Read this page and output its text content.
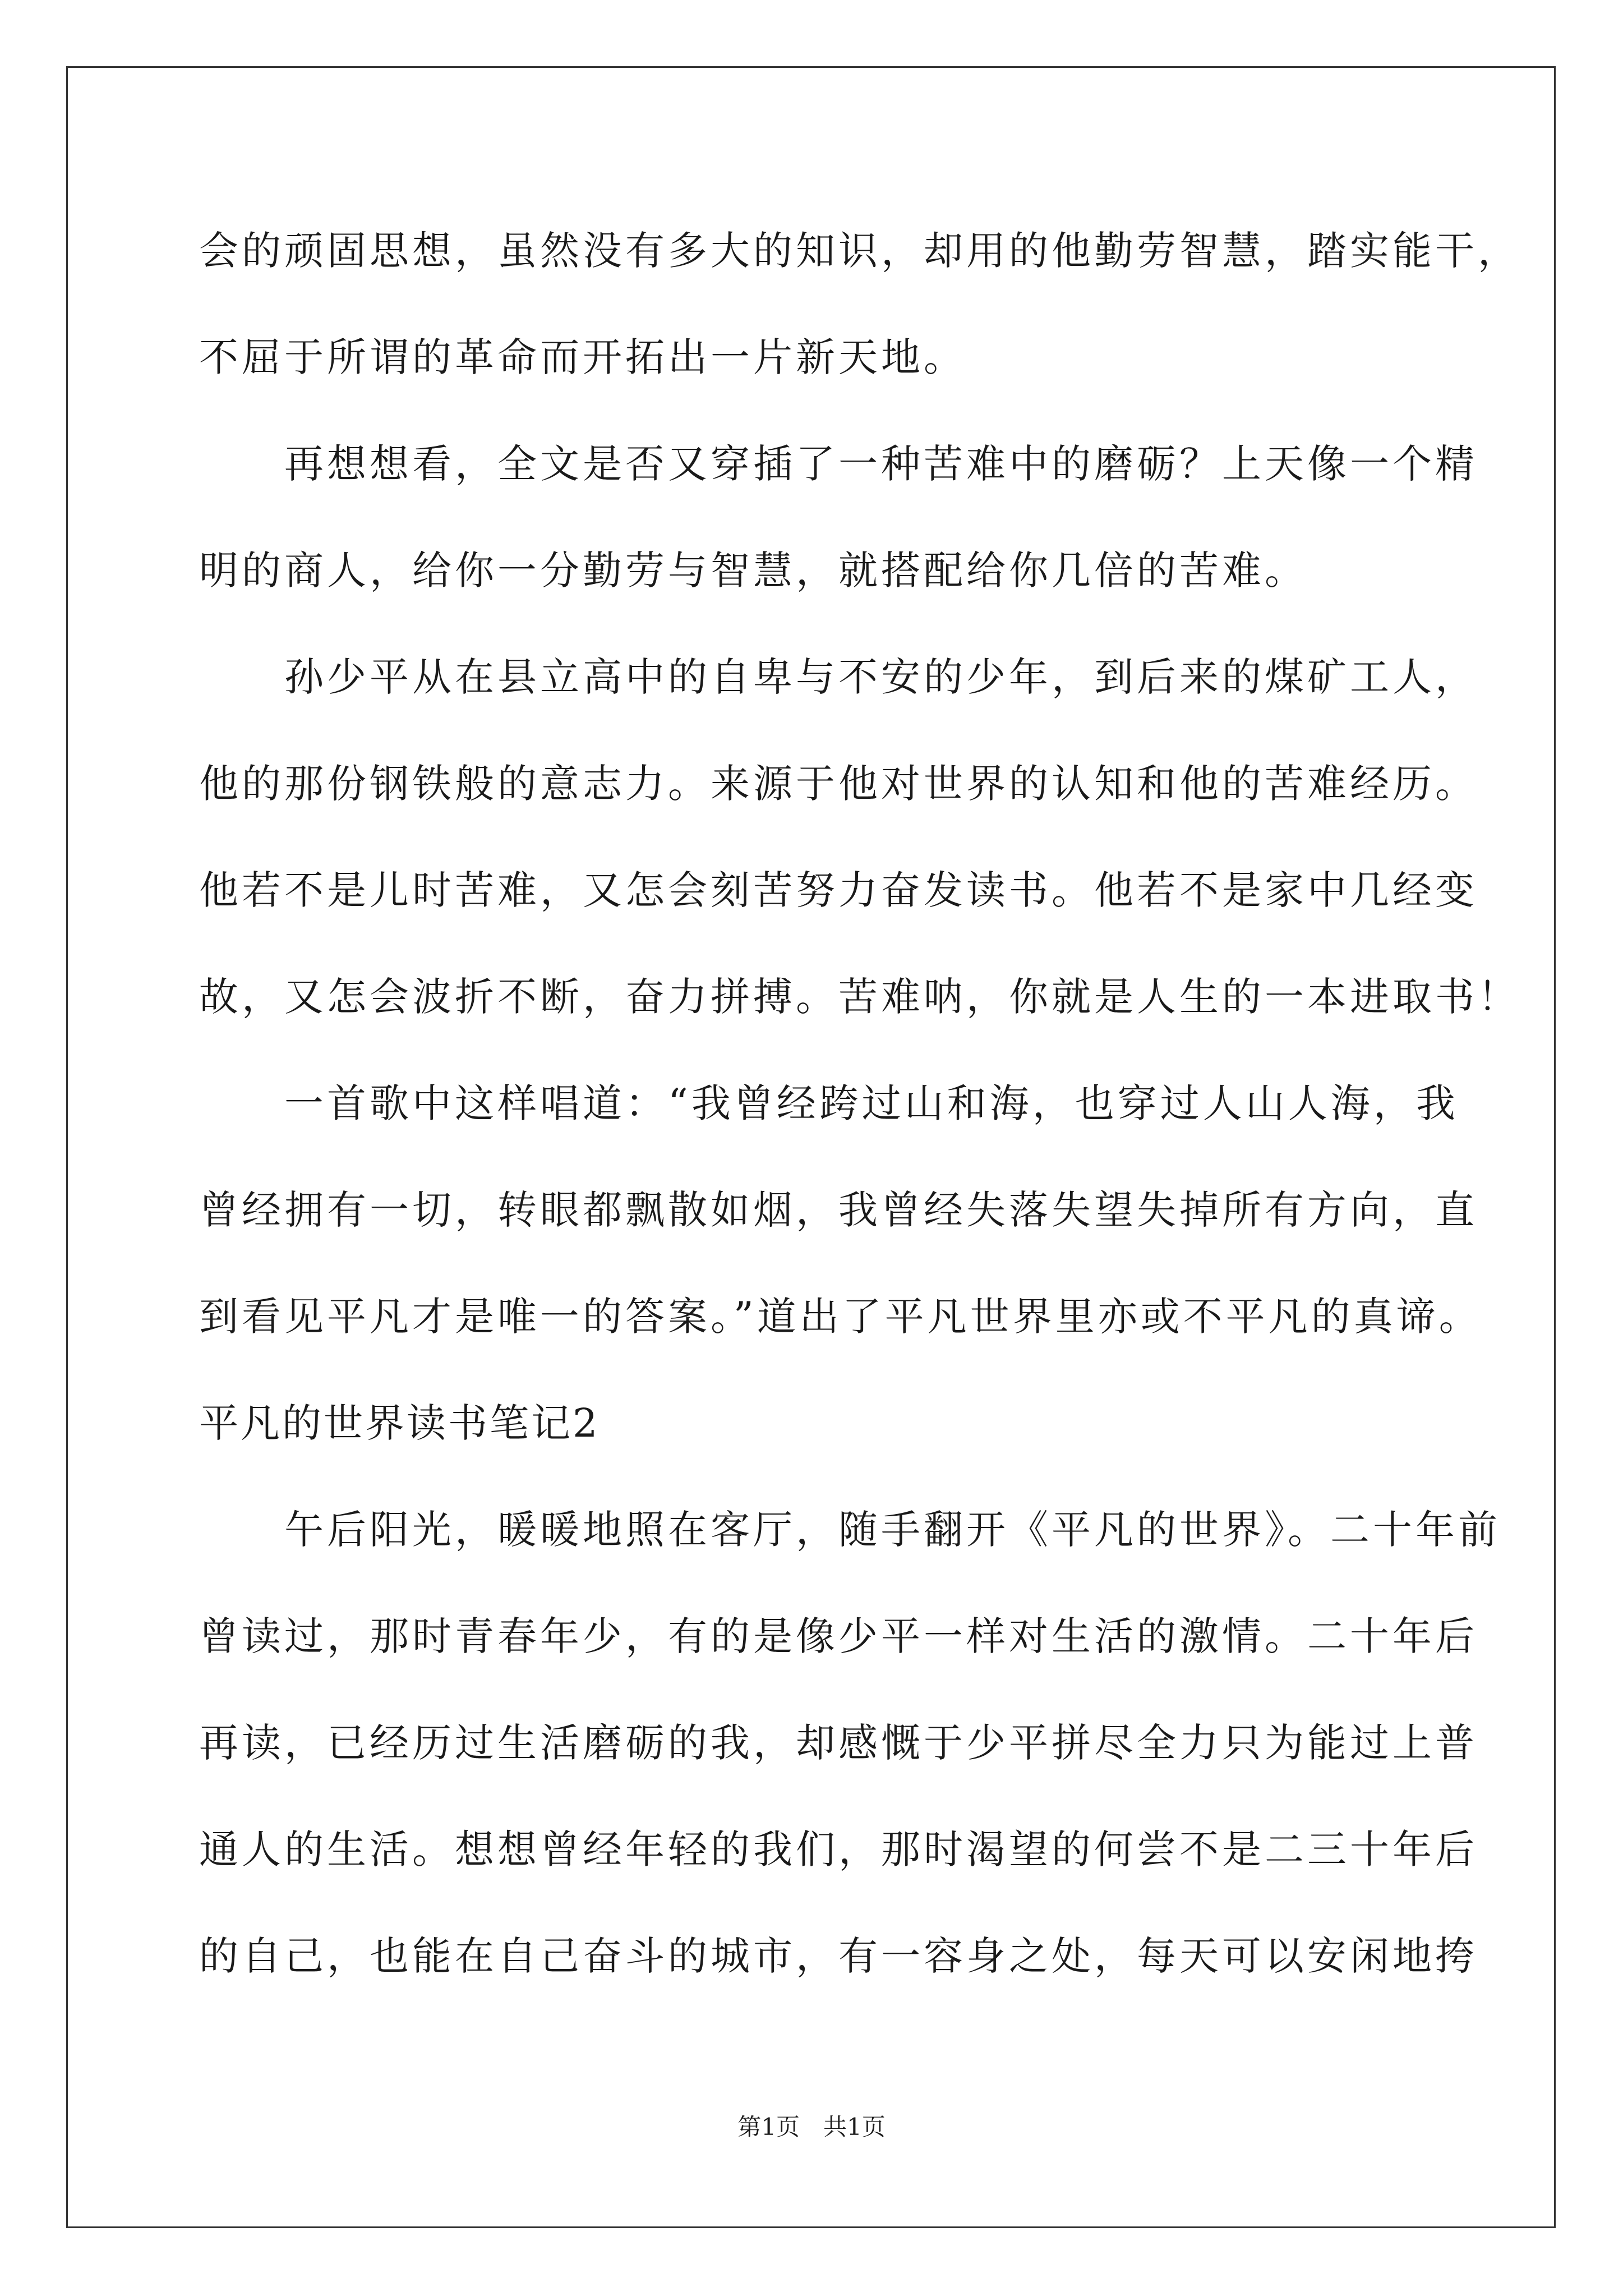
会的顽固思想，虽然没有多大的知识，却用的他勤劳智慧，踏实能干，
不屈于所谓的革命而开拓出一片新天地。
　　再想想看，全文是否又穿插了一种苦难中的磨砺？上天像一个精
明的商人，给你一分勤劳与智慧，就搭配给你几倍的苦难。
　　孙少平从在县立高中的自卑与不安的少年，到后来的煤矿工人，
他的那份钢铁般的意志力。来源于他对世界的认知和他的苦难经历。
他若不是儿时苦难，又怎会刻苦努力奋发读书。他若不是家中几经变
故，又怎会波折不断，奋力拼搏。苦难呐，你就是人生的一本进取书！
　　一首歌中这样唱道：“我曾经跨过山和海，也穿过人山人海，我
曾经拥有一切，转眼都飘散如烟，我曾经失落失望失掉所有方向，直
到看见平凡才是唯一的答案。”道出了平凡世界里亦或不平凡的真谛。
平凡的世界读书笔记2
　　午后阳光，暖暖地照在客厅，随手翻开《平凡的世界》。二十年前
曾读过，那时青春年少，有的是像少平一样对生活的激情。二十年后
再读，已经历过生活磨砺的我，却感慨于少平拼尽全力只为能过上普
通人的生活。想想曾经年轻的我们，那时渴望的何尝不是二三十年后
的自己，也能在自己奋斗的城市，有一容身之处，每天可以安闲地挎
第1页　共1页
